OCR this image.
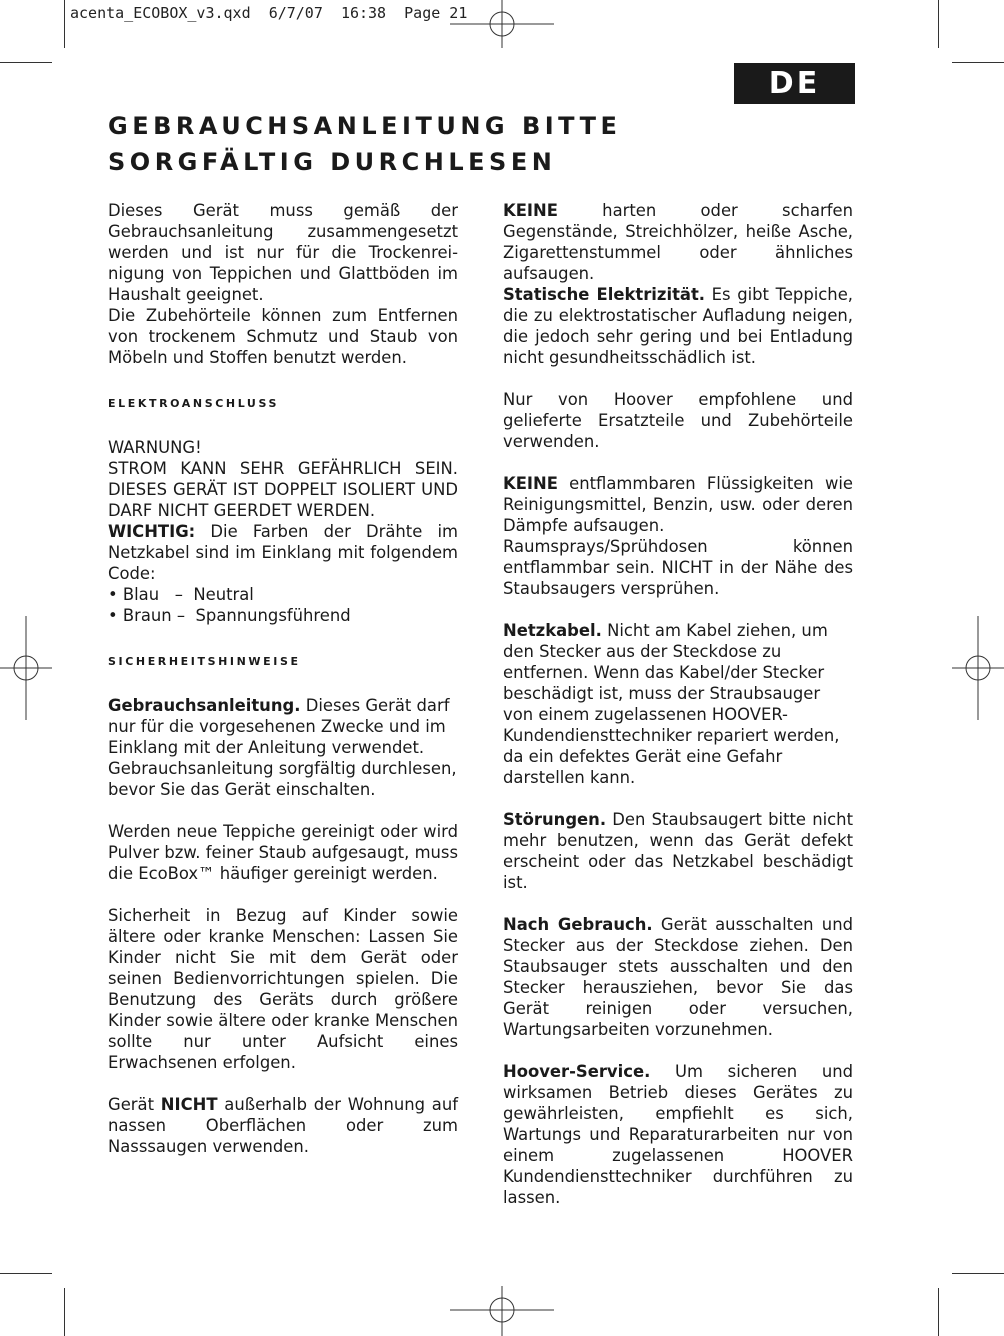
acenta_ECOBOX_v3.qxd 6/7/07 16:38 Page 21
DE
GEBRAUCHSANLEITUNG BITTE
SORGFÄLTIG DURCHLESEN

Dieses Gerät muss gemäß der Gebrauchsanleitung zusammengesetzt werden und ist nur für die Trockenrei-nigung von Teppichen und Glattböden im Haushalt geeignet.

Die Zubehörteile können zum Entfernen von trockenem Schmutz und Staub von Möbeln und Stoffen benutzt werden.

ELEKTROANSCHLUSS

WARNUNG!

STROM KANN SEHR GEFÄHRLICH SEIN. DIESES GERÄT IST DOPPELT ISOLIERT UND DARF NICHT GEERDET WERDEN.

WICHTIG: Die Farben der Drähte im Netzkabel sind im Einklang mit folgendem Code:

• Blau   –  Neutral

• Braun –  Spannungsführend

SICHERHEITSHINWEISE

Gebrauchsanleitung. Dieses Gerät darf nur für die vorgesehenen Zwecke und im Einklang mit der Anleitung verwendet. Gebrauchsanleitung sorgfältig durchlesen, bevor Sie das Gerät einschalten.

Werden neue Teppiche gereinigt oder wird Pulver bzw. feiner Staub aufgesaugt, muss die EcoBox™ häufiger gereinigt werden.

Sicherheit in Bezug auf Kinder sowie ältere oder kranke Menschen: Lassen Sie Kinder nicht Sie mit dem Gerät oder seinen Bedienvorrichtungen spielen. Die Benutzung des Geräts durch größere Kinder sowie ältere oder kranke Menschen sollte nur unter Aufsicht eines Erwachsenen erfolgen.

Gerät NICHT außerhalb der Wohnung auf nassen Oberflächen oder zum Nasssaugen verwenden.

KEINE harten oder scharfen Gegenstände, Streichhölzer, heiße Asche, Zigarettenstummel oder ähnliches aufsaugen.

Statische Elektrizität. Es gibt Teppiche, die zu elektrostatischer Aufladung neigen, die jedoch sehr gering und bei Entladung nicht gesundheitsschädlich ist.

Nur von Hoover empfohlene und gelieferte Ersatzteile und Zubehörteile verwenden.

KEINE entflammbaren Flüssigkeiten wie Reinigungsmittel, Benzin, usw. oder deren Dämpfe aufsaugen.

Raumsprays/Sprühdosen können entflammbar sein. NICHT in der Nähe des Staubsaugers versprühen.

Netzkabel. Nicht am Kabel ziehen, um den Stecker aus der Steckdose zu entfernen. Wenn das Kabel/der Stecker beschädigt ist, muss der Straubsauger von einem zugelassenen HOOVER-Kundendiensttechniker repariert werden, da ein defektes Gerät eine Gefahr darstellen kann.

Störungen. Den Staubsaugert bitte nicht mehr benutzen, wenn das Gerät defekt erscheint oder das Netzkabel beschädigt ist.

Nach Gebrauch. Gerät ausschalten und Stecker aus der Steckdose ziehen. Den Staubsauger stets ausschalten und den Stecker herausziehen, bevor Sie das Gerät reinigen oder versuchen, Wartungsarbeiten vorzunehmen.

Hoover-Service. Um sicheren und wirksamen Betrieb dieses Gerätes zu gewährleisten, empfiehlt es sich, Wartungs und Reparaturarbeiten nur von einem zugelassenen HOOVER Kundendiensttechniker durchführen zu lassen.
